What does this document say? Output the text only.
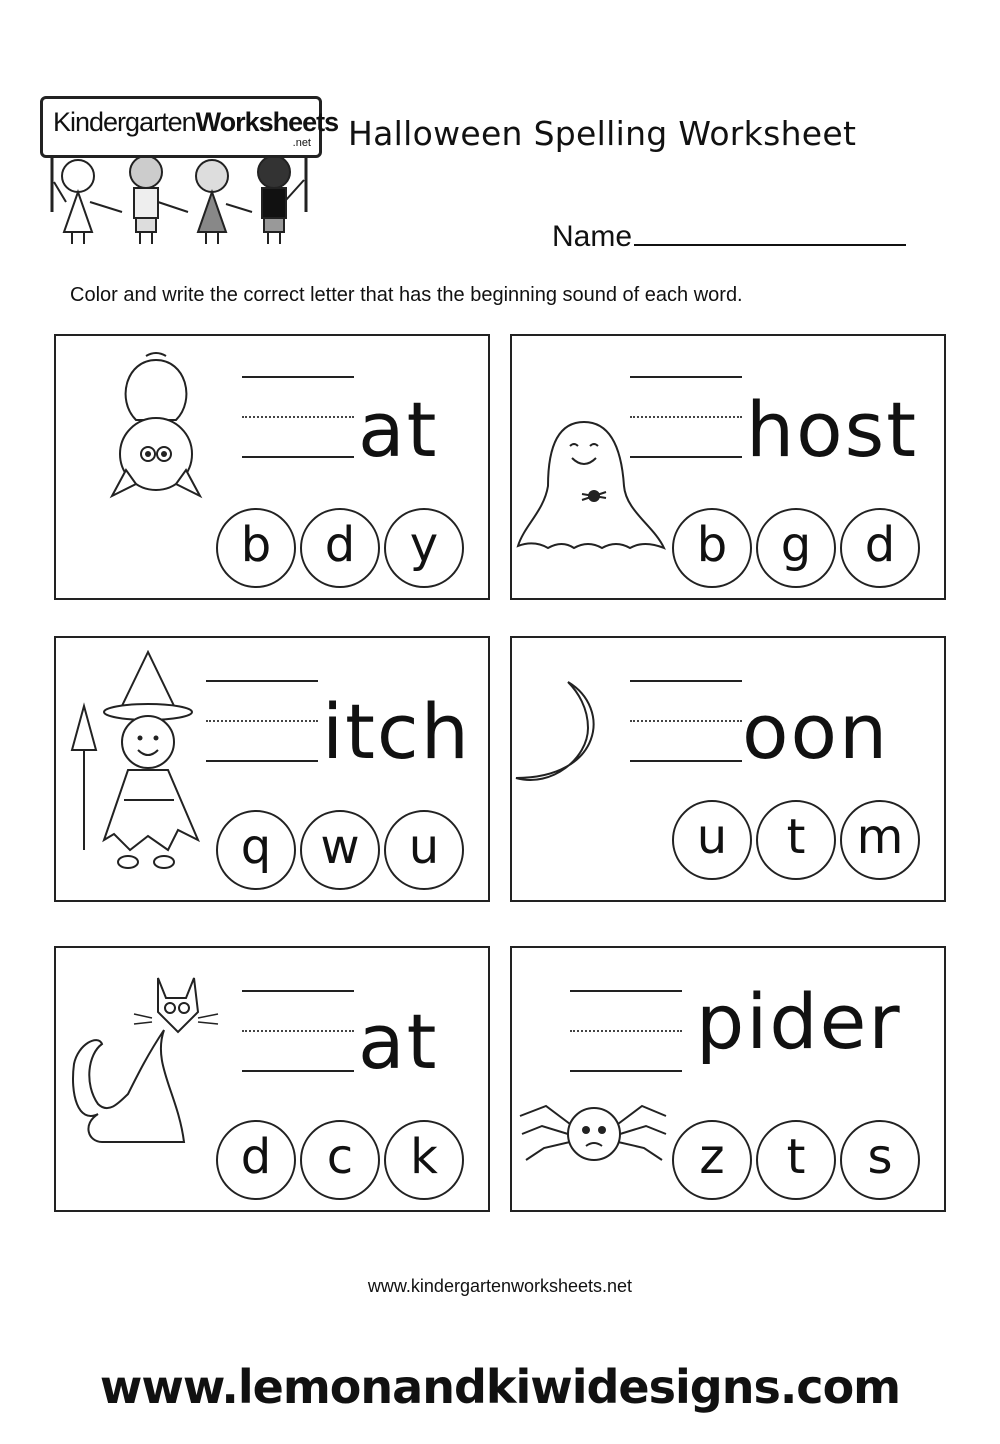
KindergartenWorksheets
.net Halloween Spelling Worksheet
Name
Color and write the correct letter that has the beginning sound of each word.
at
b d y
host
b g d
itch
q w u
oon
u t m
at
d c k
pider
z t s
www.kindergartenworksheets.net
www.lemonandkiwidesigns.com
